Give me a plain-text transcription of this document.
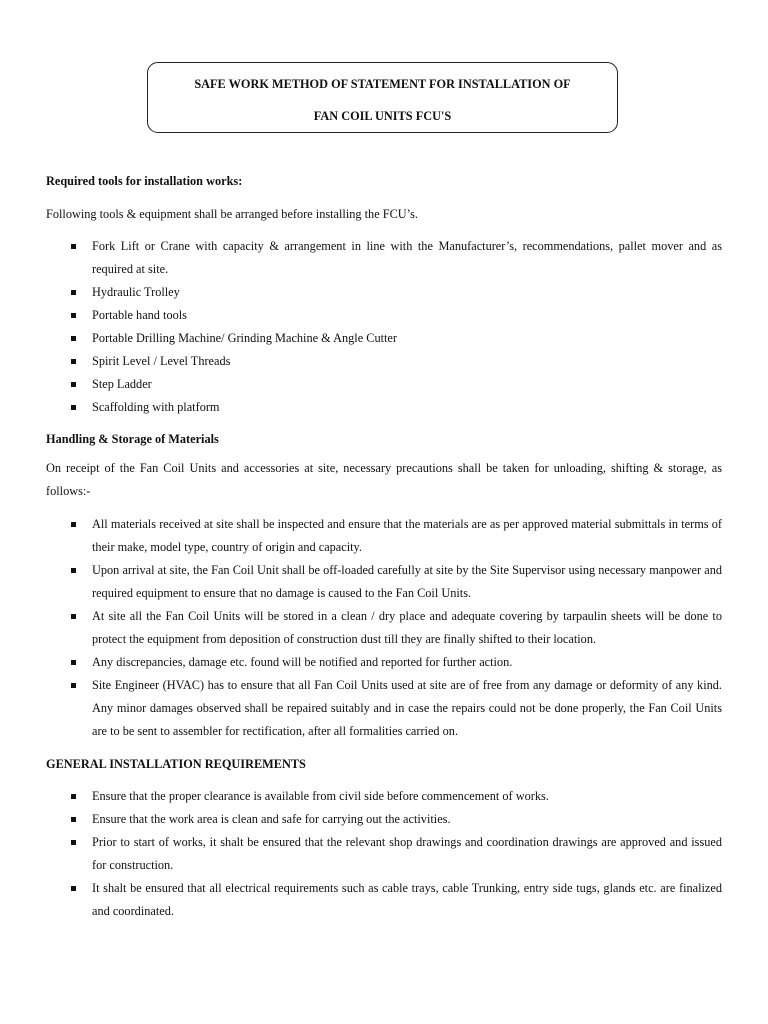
SAFE WORK METHOD OF STATEMENT FOR INSTALLATION OF
FAN COIL UNITS FCU'S
Required tools for installation works:
Following tools & equipment shall be arranged before installing the FCU’s.
Fork Lift or Crane with capacity & arrangement in line with the Manufacturer’s, recommendations, pallet mover and as required at site.
Hydraulic Trolley
Portable hand tools
Portable Drilling Machine/ Grinding Machine & Angle Cutter
Spirit Level / Level Threads
Step Ladder
Scaffolding with platform
Handling & Storage of Materials
On receipt of the Fan Coil Units and accessories at site, necessary precautions shall be taken for unloading, shifting & storage, as follows:-
All materials received at site shall be inspected and ensure that the materials are as per approved material submittals in terms of their make, model type, country of origin and capacity.
Upon arrival at site, the Fan Coil Unit shall be off-loaded carefully at site by the Site Supervisor using necessary manpower and required equipment to ensure that no damage is caused to the Fan Coil Units.
At site all the Fan Coil Units will be stored in a clean / dry place and adequate covering by tarpaulin sheets will be done to protect the equipment from deposition of construction dust till they are finally shifted to their location.
Any discrepancies, damage etc. found will be notified and reported for further action.
Site Engineer (HVAC) has to ensure that all Fan Coil Units used at site are of free from any damage or deformity of any kind. Any minor damages observed shall be repaired suitably and in case the repairs could not be done properly, the Fan Coil Units are to be sent to assembler for rectification, after all formalities carried on.
GENERAL INSTALLATION REQUIREMENTS
Ensure that the proper clearance is available from civil side before commencement of works.
Ensure that the work area is clean and safe for carrying out the activities.
Prior to start of works, it shalt be ensured that the relevant shop drawings and coordination drawings are approved and issued for construction.
It shalt be ensured that all electrical requirements such as cable trays, cable Trunking, entry side tugs, glands etc. are finalized and coordinated.
